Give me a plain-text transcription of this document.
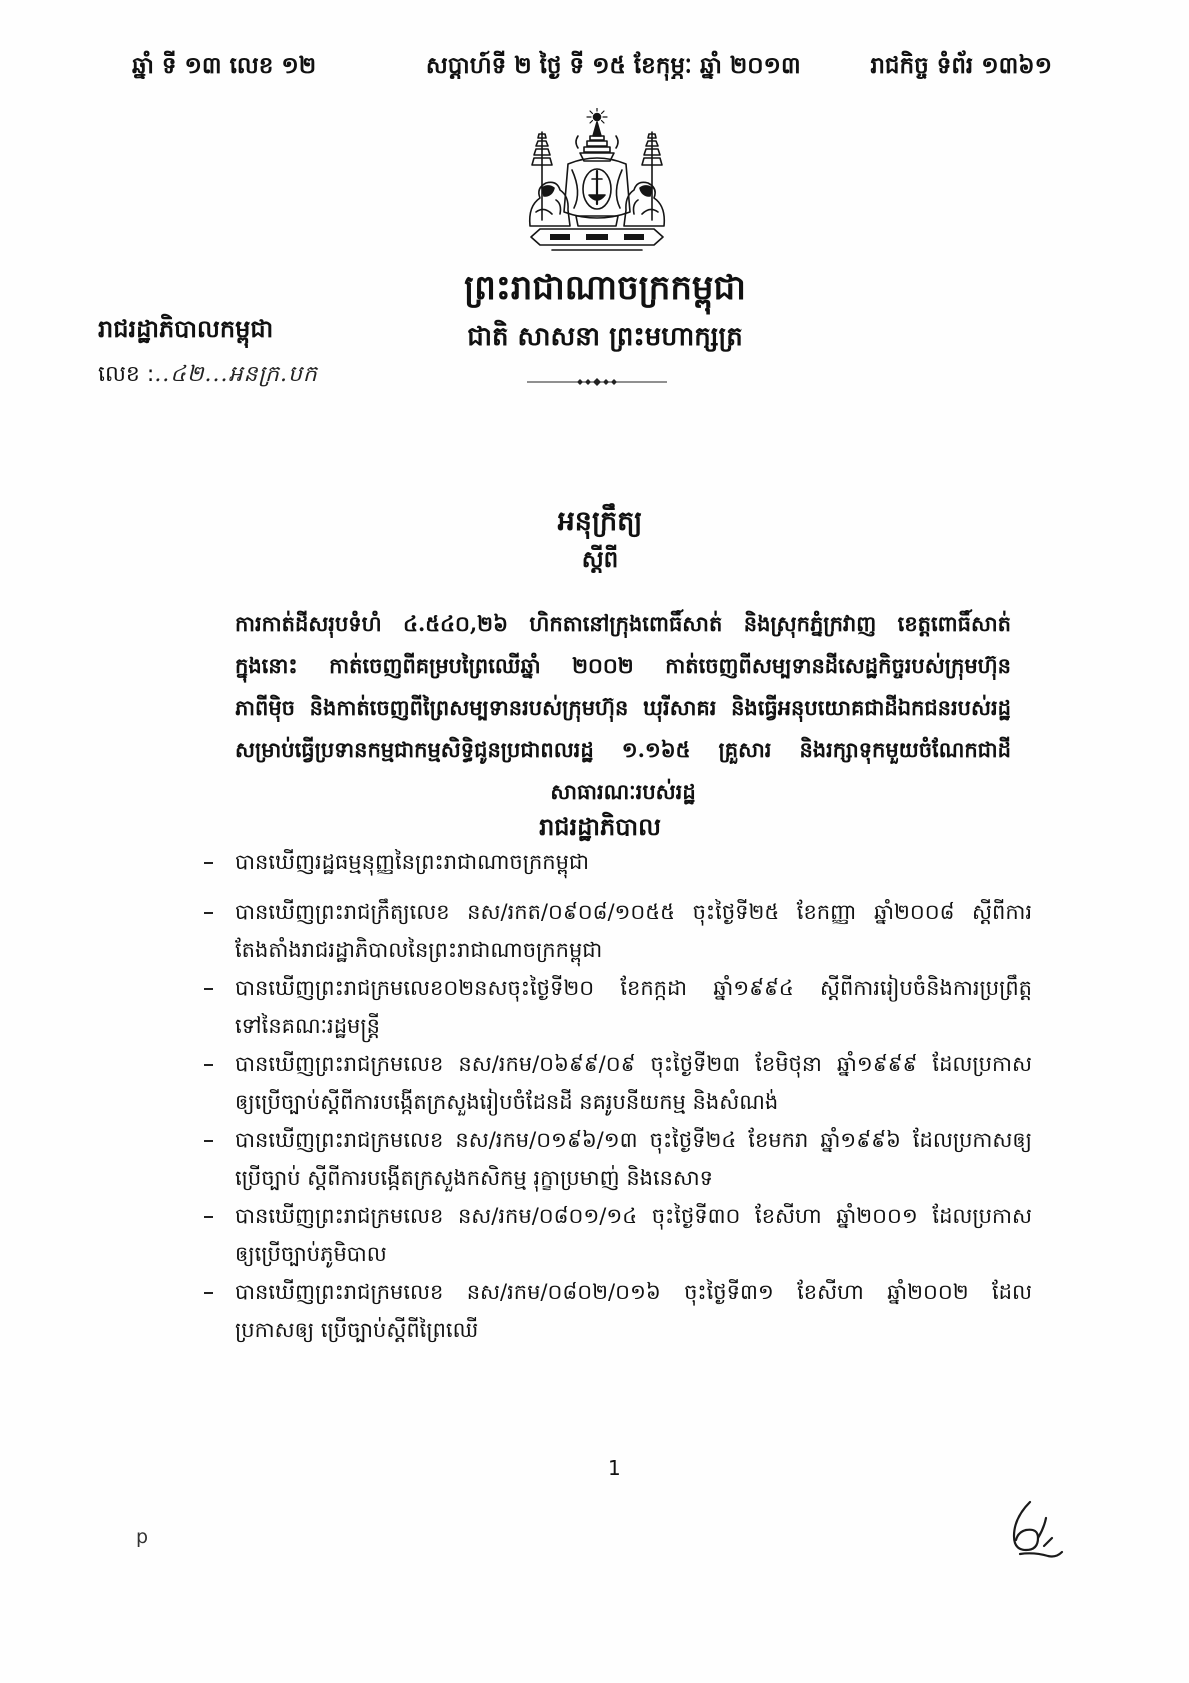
ឆ្នាំ ទី ១៣ លេខ ១២	សប្តាហ៍ទី ២ ថ្ងៃ ទី ១៥ ខែកុម្ភៈ ឆ្នាំ ២០១៣	រាជកិច្ច ទំព័រ ១៣៦១
ព្រះរាជាណាចក្រកម្ពុជា
ជាតិ សាសនា ព្រះមហាក្សត្រ
រាជរដ្ឋាភិបាលកម្ពុជា
លេខ :..៤២...អនក្រ.បក
អនុក្រឹត្យ
ស្តីពី
ការកាត់ដីសរុបទំហំ ៤.៥៤០,២៦ ហិកតានៅក្រុងពោធិ៍សាត់ និងស្រុកភ្នំក្រវាញ ខេត្តពោធិ៍សាត់
ក្នុងនោះ កាត់ចេញពីគម្របព្រៃឈើឆ្នាំ ២០០២ កាត់ចេញពីសម្បទានដីសេដ្ឋកិច្ចរបស់ក្រុមហ៊ុន
ភាពីម៉ិច និងកាត់ចេញពីព្រៃសម្បទានរបស់ក្រុមហ៊ុន ឃុរីសាគរ និងធ្វើអនុបយោគជាដីឯកជនរបស់រដ្ឋ
សម្រាប់ធ្វើប្រទានកម្មជាកម្មសិទ្ធិជូនប្រជាពលរដ្ឋ ១.១៦៥ គ្រួសារ និងរក្សាទុកមួយចំណែកជាដី
សាធារណៈរបស់រដ្ឋ
រាជរដ្ឋាភិបាល
បានឃើញរដ្ឋធម្មនុញ្ញនៃព្រះរាជាណាចក្រកម្ពុជា
បានឃើញព្រះរាជក្រឹត្យលេខ នស/រកត/០៩០៨/១០៥៥ ចុះថ្ងៃទី២៥ ខែកញ្ញា ឆ្នាំ២០០៨ ស្តីពីការ
តែងតាំងរាជរដ្ឋាភិបាលនៃព្រះរាជាណាចក្រកម្ពុជា
បានឃើញព្រះរាជក្រមលេខ០២នសចុះថ្ងៃទី២០ ខែកក្កដា ឆ្នាំ១៩៩៤ ស្តីពីការរៀបចំនិងការប្រព្រឹត្ត
ទៅនៃគណៈរដ្ឋមន្ត្រី
បានឃើញព្រះរាជក្រមលេខ នស/រកម/០៦៩៩/០៩ ចុះថ្ងៃទី២៣ ខែមិថុនា ឆ្នាំ១៩៩៩ ដែលប្រកាស
ឲ្យប្រើច្បាប់ស្តីពីការបង្កើតក្រសួងរៀបចំដែនដី នគរូបនីយកម្ម និងសំណង់
បានឃើញព្រះរាជក្រមលេខ នស/រកម/០១៩៦/១៣ ចុះថ្ងៃទី២៤ ខែមករា ឆ្នាំ១៩៩៦ ដែលប្រកាសឲ្យ
ប្រើច្បាប់ ស្តីពីការបង្កើតក្រសួងកសិកម្ម រុក្ខាប្រមាញ់ និងនេសាទ
បានឃើញព្រះរាជក្រមលេខ នស/រកម/០៨០១/១៤ ចុះថ្ងៃទី៣០ ខែសីហា ឆ្នាំ២០០១ ដែលប្រកាស
ឲ្យប្រើច្បាប់ភូមិបាល
បានឃើញព្រះរាជក្រមលេខ នស/រកម/០៨០២/០១៦ ចុះថ្ងៃទី៣១ ខែសីហា ឆ្នាំ២០០២ ដែល
ប្រកាសឲ្យ ប្រើច្បាប់ស្តីពីព្រៃឈើ
1
p
